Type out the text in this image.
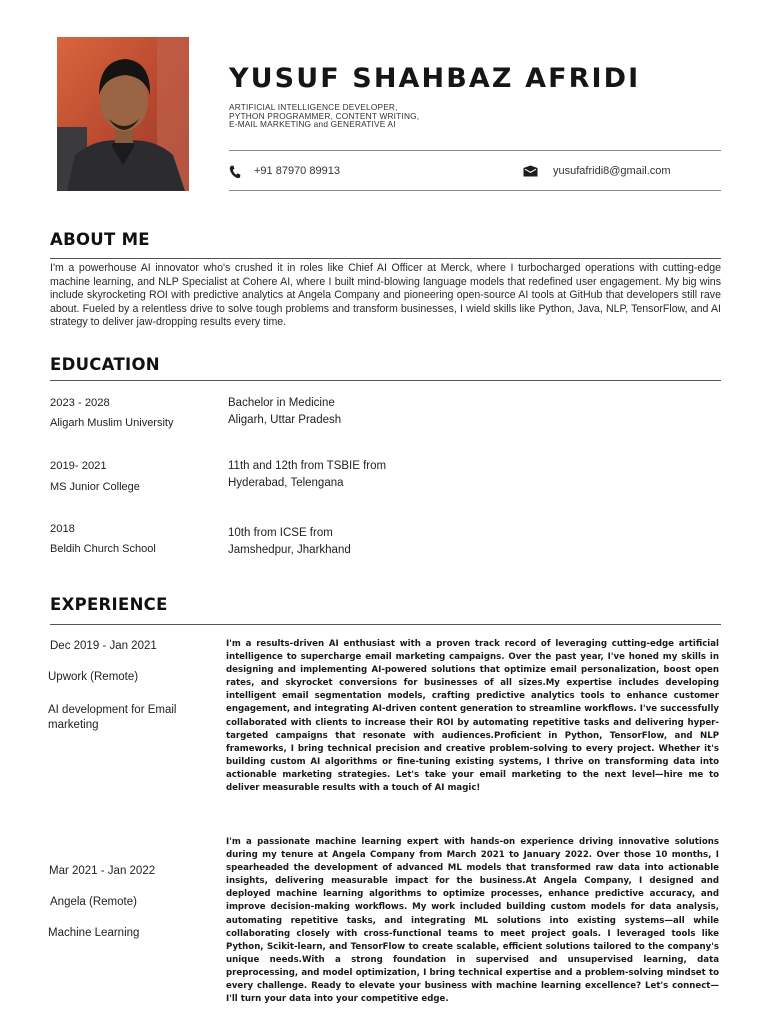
YUSUF SHAHBAZ AFRIDI
ARTIFICIAL INTELLIGENCE DEVELOPER,
PYTHON PROGRAMMER, CONTENT WRITING,
E-MAIL MARKETING and GENERATIVE AI
+91 87970 89913	yusufafridi8@gmail.com
ABOUT ME
I'm a powerhouse AI innovator who's crushed it in roles like Chief AI Officer at Merck, where I turbocharged operations with cutting-edge machine learning, and NLP Specialist at Cohere AI, where I built mind-blowing language models that redefined user engagement. My big wins include skyrocketing ROI with predictive analytics at Angela Company and pioneering open-source AI tools at GitHub that developers still rave about. Fueled by a relentless drive to solve tough problems and transform businesses, I wield skills like Python, Java, NLP, TensorFlow, and AI strategy to deliver jaw-dropping results every time.
EDUCATION
2023 - 2028
Aligarh Muslim University
Bachelor in Medicine
Aligarh, Uttar Pradesh
2019- 2021
MS Junior College
11th and 12th from TSBIE from
Hyderabad, Telengana
2018
Beldih Church School
10th from ICSE from
Jamshedpur, Jharkhand
EXPERIENCE
Dec 2019 - Jan 2021
Upwork (Remote)
AI development for Email marketing
I'm a results-driven AI enthusiast with a proven track record of leveraging cutting-edge artificial intelligence to supercharge email marketing campaigns. Over the past year, I've honed my skills in designing and implementing AI-powered solutions that optimize email personalization, boost open rates, and skyrocket conversions for businesses of all sizes.My expertise includes developing intelligent email segmentation models, crafting predictive analytics tools to enhance customer engagement, and integrating AI-driven content generation to streamline workflows. I've successfully collaborated with clients to increase their ROI by automating repetitive tasks and delivering hyper-targeted campaigns that resonate with audiences.Proficient in Python, TensorFlow, and NLP frameworks, I bring technical precision and creative problem-solving to every project. Whether it's building custom AI algorithms or fine-tuning existing systems, I thrive on transforming data into actionable marketing strategies. Let's take your email marketing to the next level—hire me to deliver measurable results with a touch of AI magic!
Mar 2021 - Jan 2022
Angela (Remote)
Machine Learning
I'm a passionate machine learning expert with hands-on experience driving innovative solutions during my tenure at Angela Company from March 2021 to January 2022. Over those 10 months, I spearheaded the development of advanced ML models that transformed raw data into actionable insights, delivering measurable impact for the business.At Angela Company, I designed and deployed machine learning algorithms to optimize processes, enhance predictive accuracy, and improve decision-making workflows. My work included building custom models for data analysis, automating repetitive tasks, and integrating ML solutions into existing systems—all while collaborating closely with cross-functional teams to meet project goals. I leveraged tools like Python, Scikit-learn, and TensorFlow to create scalable, efficient solutions tailored to the company's unique needs.With a strong foundation in supervised and unsupervised learning, data preprocessing, and model optimization, I bring technical expertise and a problem-solving mindset to every challenge. Ready to elevate your business with machine learning excellence? Let's connect—I'll turn your data into your competitive edge.
